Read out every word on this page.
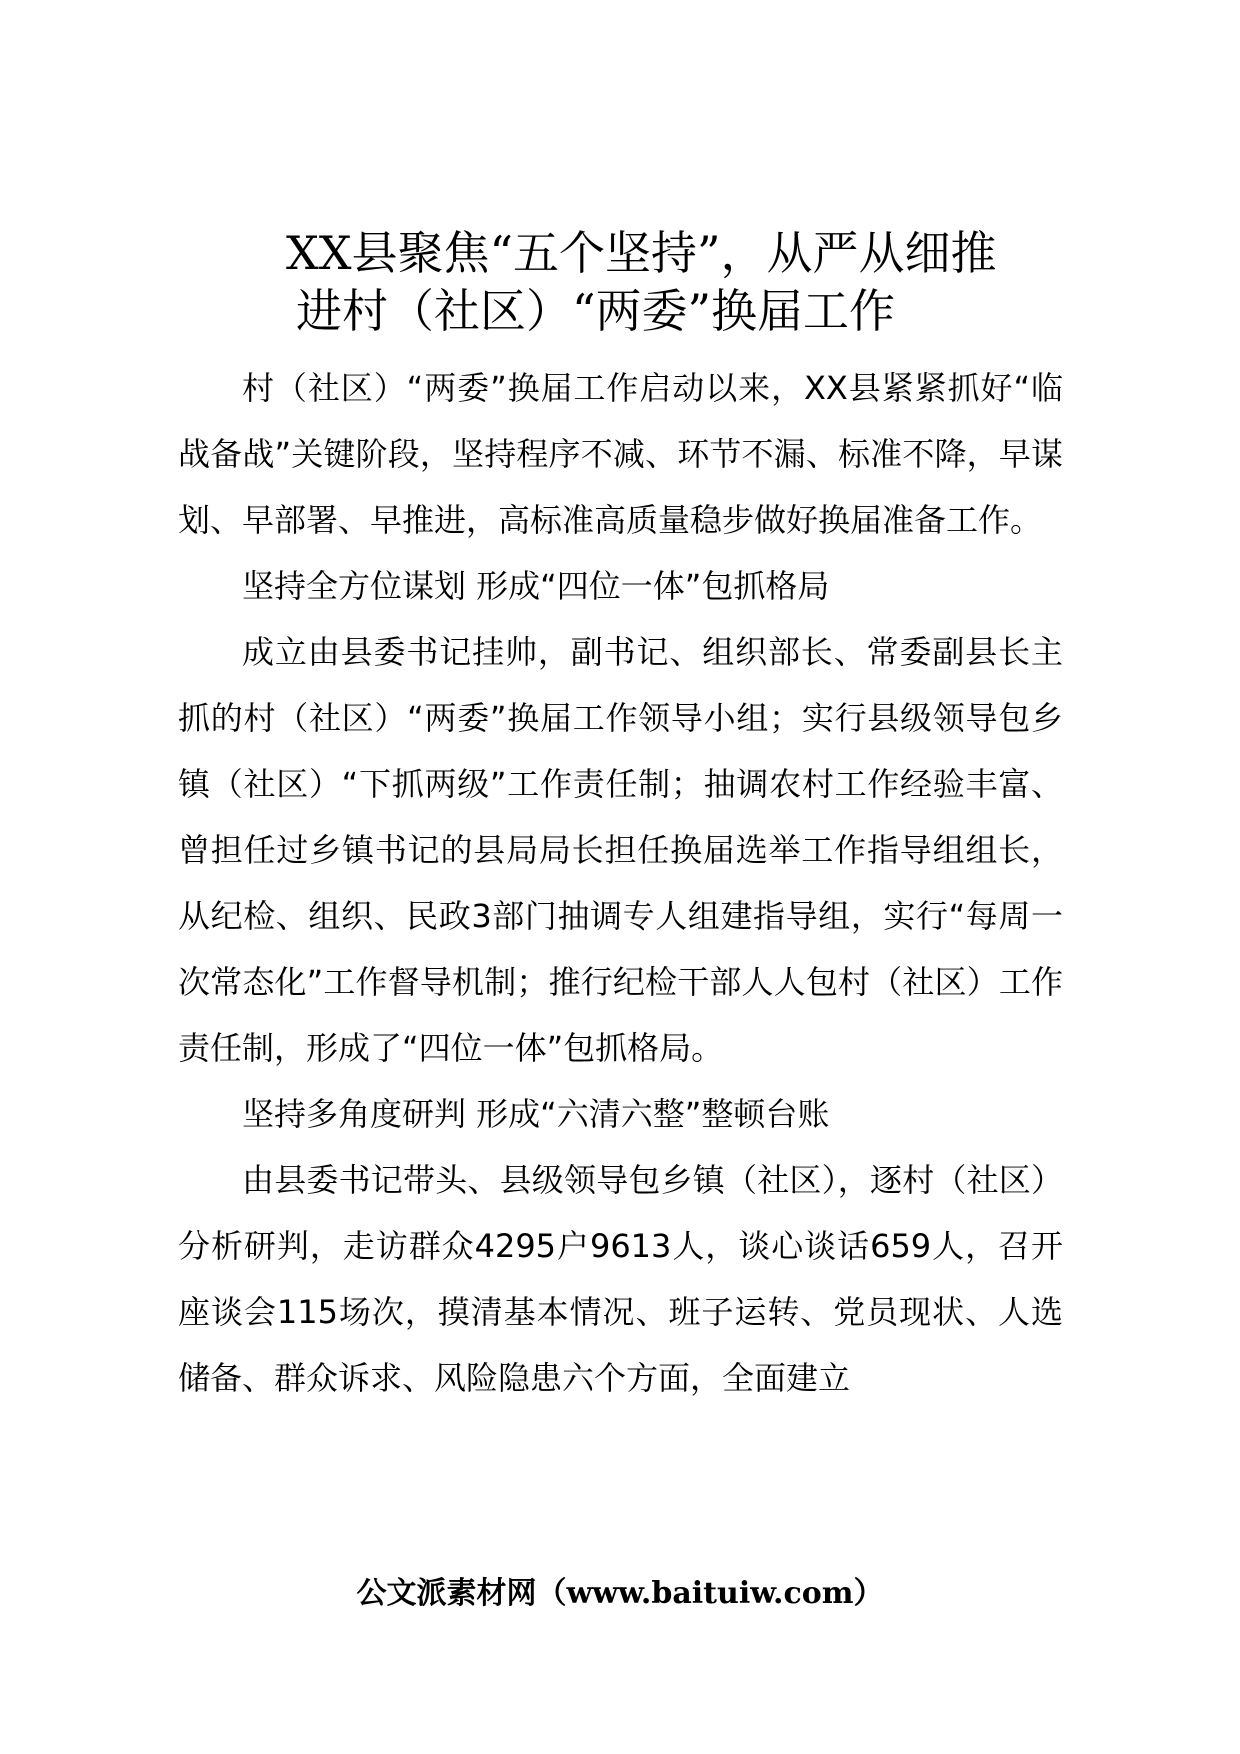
XX县聚焦“五个坚持”，从严从细推
进村（社区）“两委”换届工作

村（社区）“两委”换届工作启动以来，XX县紧紧抓好“临战备战”关键阶段，坚持程序不减、环节不漏、标准不降，早谋划、早部署、早推进，高标准高质量稳步做好换届准备工作。

坚持全方位谋划 形成“四位一体”包抓格局

成立由县委书记挂帅，副书记、组织部长、常委副县长主抓的村（社区）“两委”换届工作领导小组；实行县级领导包乡镇（社区）“下抓两级”工作责任制；抽调农村工作经验丰富、曾担任过乡镇书记的县局局长担任换届选举工作指导组组长，从纪检、组织、民政3部门抽调专人组建指导组，实行“每周一次常态化”工作督导机制；推行纪检干部人人包村（社区）工作责任制，形成了“四位一体”包抓格局。

坚持多角度研判 形成“六清六整”整顿台账

由县委书记带头、县级领导包乡镇（社区），逐村（社区）分析研判，走访群众4295户9613人，谈心谈话659人，召开座谈会115场次，摸清基本情况、班子运转、党员现状、人选储备、群众诉求、风险隐患六个方面，全面建立

公文派素材网（www.baituiw.com）
